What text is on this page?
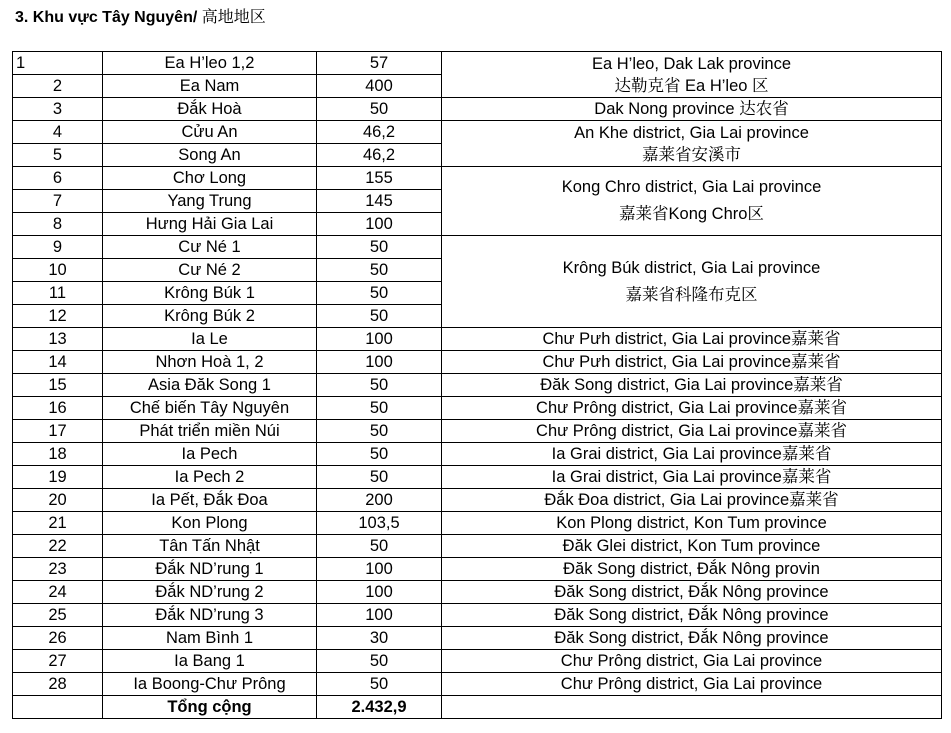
3. Khu vực Tây Nguyên/ 高地地区
1	Ea H’leo 1,2	57	Ea H’leo, Dak Lak province
达勒克省 Ea H’leo 区
2	Ea Nam	400	
3	Đắk Hoà	50	Dak Nong province 达农省
4	Cửu An	46,2	An Khe district, Gia Lai province
嘉莱省安溪市
5	Song An	46,2	
6	Chơ Long	155	Kong Chro district, Gia Lai province
嘉莱省Kong Chro区
7	Yang Trung	145	
8	Hưng Hải Gia Lai	100	
9	Cư Né 1	50	Krông Búk district, Gia Lai province
嘉莱省科隆布克区
10	Cư Né 2	50	
11	Krông Búk 1	50	
12	Krông Búk 2	50	
13	Ia Le	100	Chư Pưh district, Gia Lai province嘉莱省
14	Nhơn Hoà 1, 2	100	Chư Pưh district, Gia Lai province嘉莱省
15	Asia Đăk Song 1	50	Đăk Song district, Gia Lai province嘉莱省
16	Chế biến Tây Nguyên	50	Chư Prông district, Gia Lai province嘉莱省
17	Phát triển miền Núi	50	Chư Prông district, Gia Lai province嘉莱省
18	Ia Pech	50	Ia Grai district, Gia Lai province嘉莱省
19	Ia Pech 2	50	Ia Grai district, Gia Lai province嘉莱省
20	Ia Pết, Đắk Đoa	200	Đắk Đoa district, Gia Lai province嘉莱省
21	Kon Plong	103,5	Kon Plong district, Kon Tum province
22	Tân Tấn Nhật	50	Đăk Glei district, Kon Tum province
23	Đắk ND’rung 1	100	Đăk Song district, Đắk Nông provin
24	Đắk ND’rung 2	100	Đăk Song district, Đắk Nông province
25	Đắk ND’rung 3	100	Đăk Song district, Đắk Nông province
26	Nam Bình 1	30	Đăk Song district, Đắk Nông province
27	Ia Bang 1	50	Chư Prông district, Gia Lai province
28	Ia Boong-Chư Prông	50	Chư Prông district, Gia Lai province
	Tổng cộng	2.432,9	
